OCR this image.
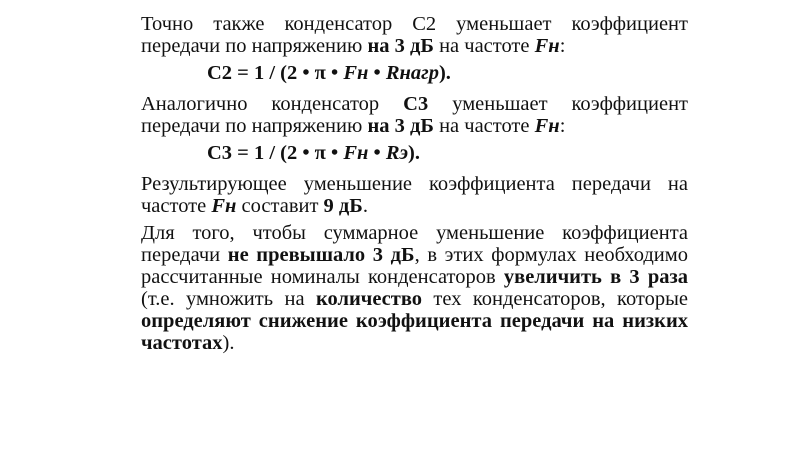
Точно также конденсатор С2 уменьшает коэффициент передачи по напряжению на 3 дБ на частоте Fн:

С2 = 1 / (2 • π • Fн • Rнагр).

Аналогично конденсатор С3 уменьшает коэффициент передачи по напряжению на 3 дБ на частоте Fн:

С3 = 1 / (2 • π • Fн • Rэ).

Результирующее уменьшение коэффициента передачи на частоте Fн составит 9 дБ.

Для того, чтобы суммарное уменьшение коэффициента передачи не превышало 3 дБ, в этих формулах необходимо рассчитанные номиналы конденсаторов увеличить в 3 раза (т.е. умножить на количество тех конденсаторов, которые определяют снижение коэффициента передачи на низких частотах).
